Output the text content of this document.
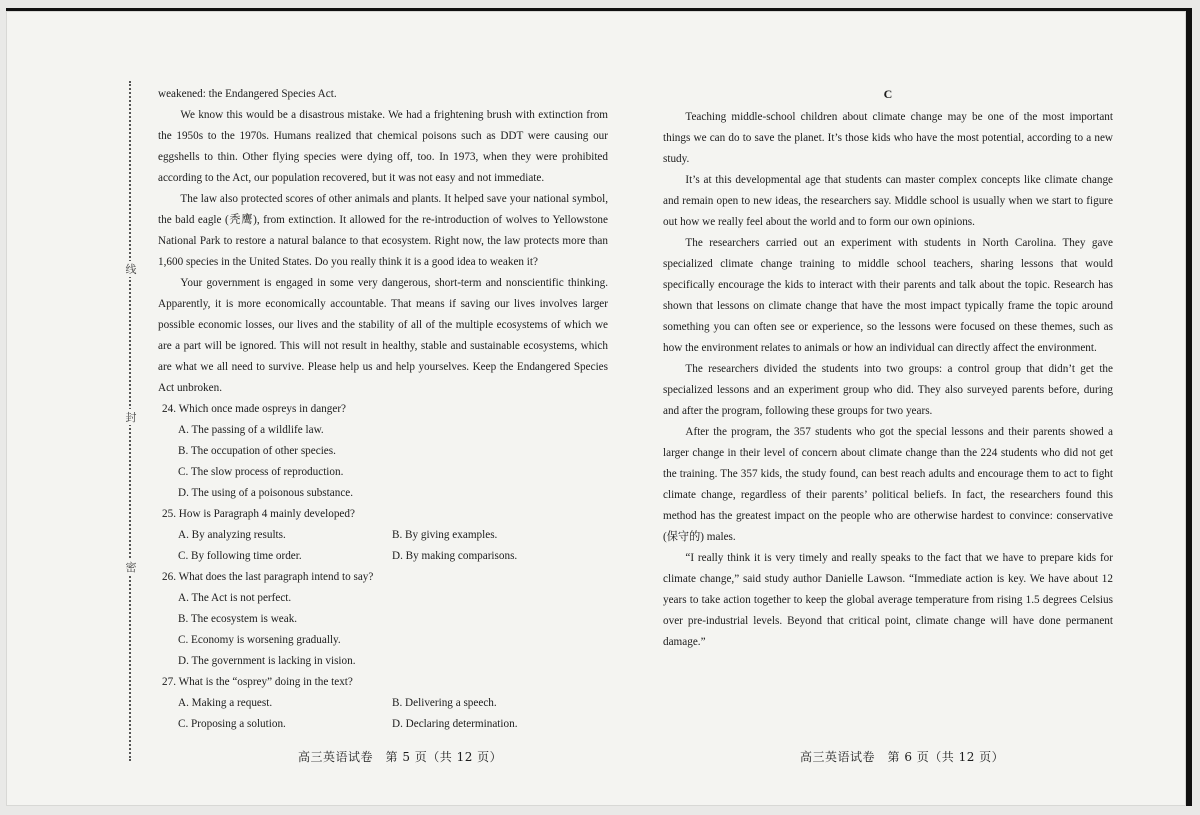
线
封
密

weakened: the Endangered Species Act.

We know this would be a disastrous mistake. We had a frightening brush with extinction from the 1950s to the 1970s. Humans realized that chemical poisons such as DDT were causing our eggshells to thin. Other flying species were dying off, too. In 1973, when they were prohibited according to the Act, our population recovered, but it was not easy and not immediate.

The law also protected scores of other animals and plants. It helped save your national symbol, the bald eagle (秃鹰), from extinction. It allowed for the re-introduction of wolves to Yellowstone National Park to restore a natural balance to that ecosystem. Right now, the law protects more than 1,600 species in the United States. Do you really think it is a good idea to weaken it?

Your government is engaged in some very dangerous, short-term and nonscientific thinking. Apparently, it is more economically accountable. That means if saving our lives involves larger possible economic losses, our lives and the stability of all of the multiple ecosystems of which we are a part will be ignored. This will not result in healthy, stable and sustainable ecosystems, which are what we all need to survive. Please help us and help yourselves. Keep the Endangered Species Act unbroken.

24. Which once made ospreys in danger?

A. The passing of a wildlife law.

B. The occupation of other species.

C. The slow process of reproduction.

D. The using of a poisonous substance.

25. How is Paragraph 4 mainly developed?

A. By analyzing results.	B. By giving examples.
C. By following time order.	D. By making comparisons.

26. What does the last paragraph intend to say?

A. The Act is not perfect.

B. The ecosystem is weak.

C. Economy is worsening gradually.

D. The government is lacking in vision.

27. What is the “osprey” doing in the text?

A. Making a request.	B. Delivering a speech.
C. Proposing a solution.	D. Declaring determination.

C

Teaching middle-school children about climate change may be one of the most important things we can do to save the planet. It’s those kids who have the most potential, according to a new study.

It’s at this developmental age that students can master complex concepts like climate change and remain open to new ideas, the researchers say. Middle school is usually when we start to figure out how we really feel about the world and to form our own opinions.

The researchers carried out an experiment with students in North Carolina. They gave specialized climate change training to middle school teachers, sharing lessons that would specifically encourage the kids to interact with their parents and talk about the topic. Research has shown that lessons on climate change that have the most impact typically frame the topic around something you can often see or experience, so the lessons were focused on these themes, such as how the environment relates to animals or how an individual can directly affect the environment.

The researchers divided the students into two groups: a control group that didn’t get the specialized lessons and an experiment group who did. They also surveyed parents before, during and after the program, following these groups for two years.

After the program, the 357 students who got the special lessons and their parents showed a larger change in their level of concern about climate change than the 224 students who did not get the training. The 357 kids, the study found, can best reach adults and encourage them to act to fight climate change, regardless of their parents’ political beliefs. In fact, the researchers found this method has the greatest impact on the people who are otherwise hardest to convince: conservative (保守的) males.

“I really think it is very timely and really speaks to the fact that we have to prepare kids for climate change,” said study author Danielle Lawson. “Immediate action is key. We have about 12 years to take action together to keep the global average temperature from rising 1.5 degrees Celsius over pre-industrial levels. Beyond that critical point, climate change will have done permanent damage.”

高三英语试卷　第 5 页（共 12 页）	高三英语试卷　第 6 页（共 12 页）
